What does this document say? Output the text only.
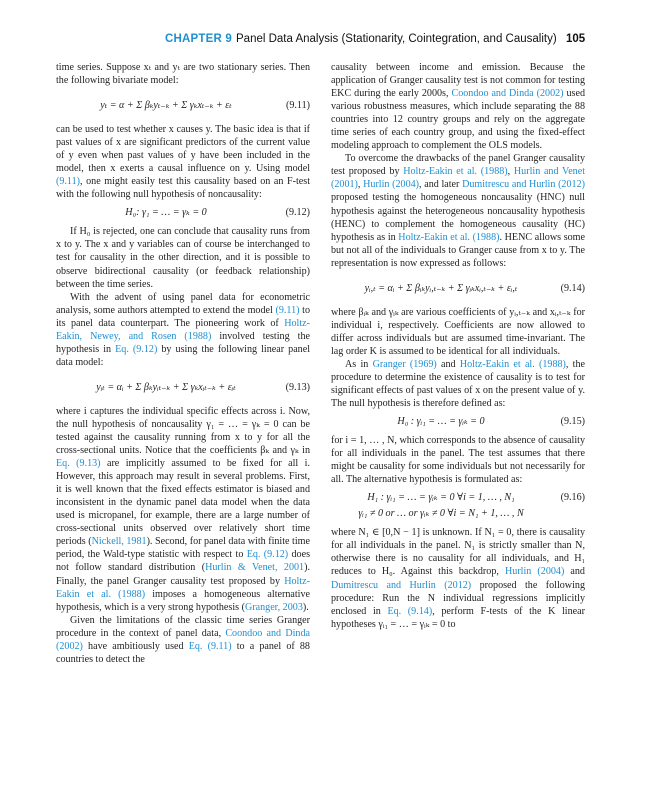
CHAPTER 9 Panel Data Analysis (Stationarity, Cointegration, and Causality) 105

time series. Suppose xₜ and yₜ are two stationary series. Then the following bivariate model:

yₜ = α + Σ βₖyₜ₋ₖ + Σ γₖxₜ₋ₖ + εₜ	(9.11)

can be used to test whether x causes y. The basic idea is that if past values of x are significant predictors of the current value of y even when past values of y have been included in the model, then x exerts a causal influence on y. Using model (9.11), one might easily test this causality based on an F-test with the following null hypothesis of noncausality:

H₀: γ₁ = … = γₖ = 0	(9.12)

If H₀ is rejected, one can conclude that causality runs from x to y. The x and y variables can of course be interchanged to test for causality in the other direction, and it is possible to observe bidirectional causality (or feedback relationship) between the time series.

With the advent of using panel data for econometric analysis, some authors attempted to extend the model (9.11) to its panel data counterpart. The pioneering work of Holtz-Eakin, Newey, and Rosen (1988) involved testing the hypothesis in Eq. (9.12) by using the following linear panel data model:

yᵢₜ = αᵢ + Σ βₖyᵢₜ₋ₖ + Σ γₖxᵢₜ₋ₖ + εᵢₜ	(9.13)

where i captures the individual specific effects across i. Now, the null hypothesis of noncausality γ₁ = … = γₖ = 0 can be tested against the causality running from x to y for all the cross-sectional units. Notice that the coefficients βₖ and γₖ in Eq. (9.13) are implicitly assumed to be fixed for all i. However, this approach may result in several problems. First, it is well known that the fixed effects estimator is biased and inconsistent in the dynamic panel data model when the data used is micropanel, for example, there are a large number of cross-sectional units observed over relatively short time periods (Nickell, 1981). Second, for panel data with finite time period, the Wald-type statistic with respect to Eq. (9.12) does not follow standard distribution (Hurlin & Venet, 2001). Finally, the panel Granger causality test proposed by Holtz-Eakin et al. (1988) imposes a homogeneous alternative hypothesis, which is a very strong hypothesis (Granger, 2003).

Given the limitations of the classic time series Granger procedure in the context of panel data, Coondoo and Dinda (2002) have ambitiously used Eq. (9.11) to a panel of 88 countries to detect the

causality between income and emission. Because the application of Granger causality test is not common for testing EKC during the early 2000s, Coondoo and Dinda (2002) used various robustness measures, which include separating the 88 countries into 12 country groups and rely on the aggregate time series of each country group, and using the fixed-effect modeling approach to complement the OLS models.

To overcome the drawbacks of the panel Granger causality test proposed by Holtz-Eakin et al. (1988), Hurlin and Venet (2001), Hurlin (2004), and later Dumitrescu and Hurlin (2012) proposed testing the homogeneous noncausality (HNC) null hypothesis against the heterogeneous noncausality hypothesis (HENC) to complement the homogeneous causality (HC) hypothesis as in Holtz-Eakin et al. (1988). HENC allows some but not all of the individuals to Granger cause from x to y. The representation is now expressed as follows:

yᵢ,ₜ = αᵢ + Σ βᵢₖyᵢ,ₜ₋ₖ + Σ γᵢₖxᵢ,ₜ₋ₖ + εᵢ,ₜ	(9.14)

where βᵢₖ and γᵢₖ are various coefficients of yᵢ,ₜ₋ₖ and xᵢ,ₜ₋ₖ for individual i, respectively. Coefficients are now allowed to differ across individuals but are assumed time-invariant. The lag order K is assumed to be identical for all individuals.

As in Granger (1969) and Holtz-Eakin et al. (1988), the procedure to determine the existence of causality is to test for significant effects of past values of x on the present value of y. The null hypothesis is therefore defined as:

H₀ : γᵢ₁ = … = γᵢₖ = 0	(9.15)

for i = 1, … , N, which corresponds to the absence of causality for all individuals in the panel. The test assumes that there might be causality for some individuals but not necessarily for all. The alternative hypothesis is formulated as:

H₁ : γᵢ₁ = … = γᵢₖ = 0 ∀i = 1, … , N₁	(9.16)
γᵢ₁ ≠ 0 or … or γᵢₖ ≠ 0 ∀i = N₁ + 1, … , N

where N₁ ∈ [0,N − 1] is unknown. If N₁ = 0, there is causality for all individuals in the panel. N₁ is strictly smaller than N, otherwise there is no causality for all individuals, and H₁ reduces to H₀. Against this backdrop, Hurlin (2004) and Dumitrescu and Hurlin (2012) proposed the following procedure: Run the N individual regressions implicitly enclosed in Eq. (9.14), perform F-tests of the K linear hypotheses γᵢ₁ = … = γᵢₖ = 0 to
